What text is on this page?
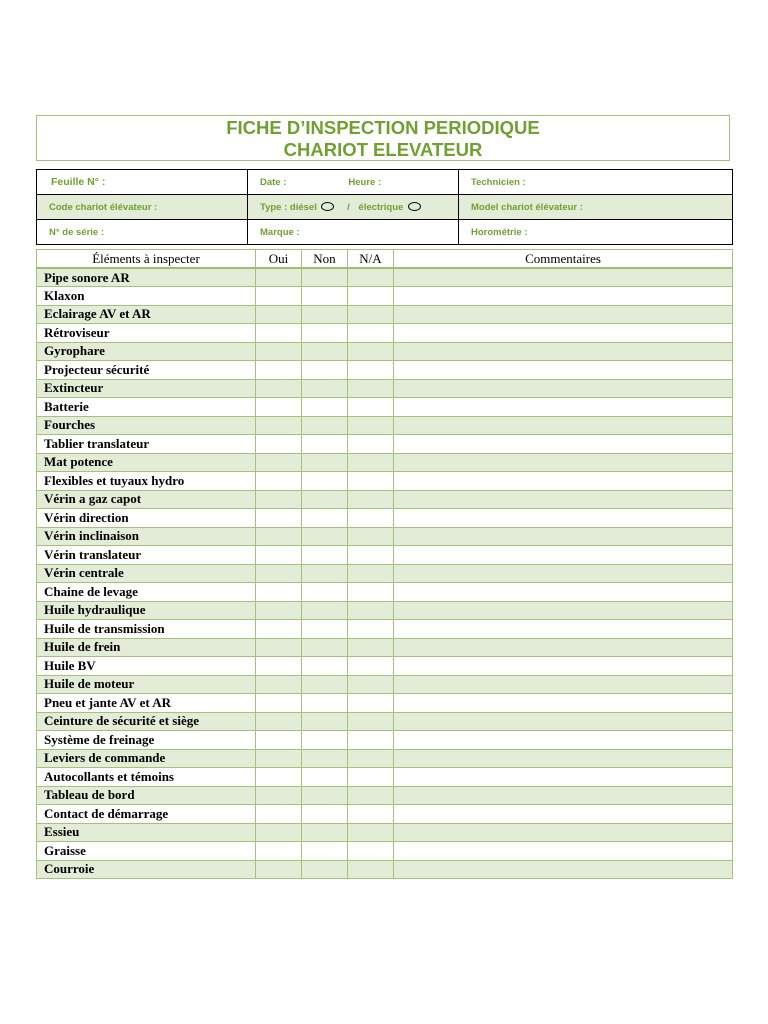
FICHE D’INSPECTION PERIODIQUE
CHARIOT ELEVATEUR
Feuille N° :	Date : Heure :	Technicien :
Code chariot élévateur :	Type : diésel / électrique	Model chariot élévateur :
N° de série :	Marque :	Horométrie :
Éléments à inspecter	Oui	Non	N/A	Commentaires
Pipe sonore AR				
Klaxon				
Eclairage AV et AR				
Rétroviseur				
Gyrophare				
Projecteur sécurité				
Extincteur				
Batterie				
Fourches				
Tablier translateur				
Mat potence				
Flexibles et tuyaux hydro				
Vérin a gaz capot				
Vérin direction				
Vérin inclinaison				
Vérin translateur				
Vérin centrale				
Chaine de levage				
Huile hydraulique				
Huile de transmission				
Huile de frein				
Huile BV				
Huile de moteur				
Pneu et jante AV et AR				
Ceinture de sécurité et siège				
Système de freinage				
Leviers de commande				
Autocollants et témoins				
Tableau de bord				
Contact de démarrage				
Essieu				
Graisse				
Courroie				
